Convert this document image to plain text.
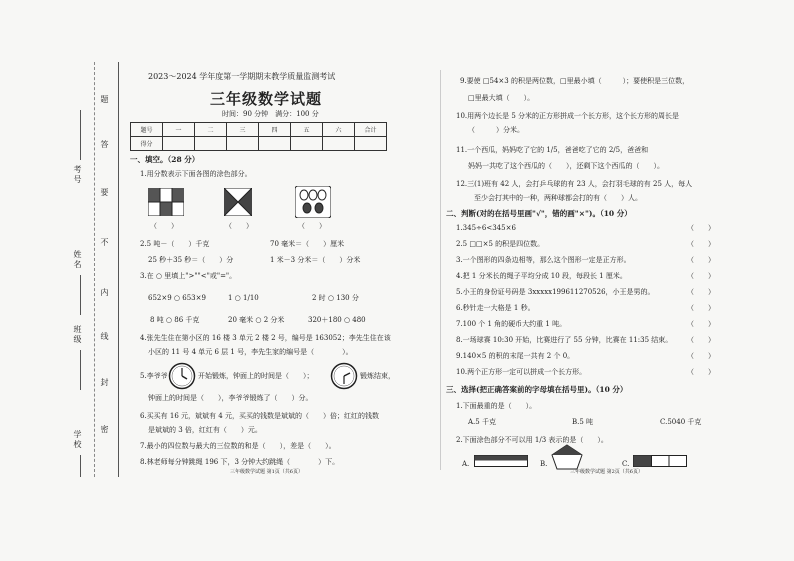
题
答
要
不
内
线
封
密
考号
姓名
班级
学校
2023～2024 学年度第一学期期末教学质量监测考试
三年级数学试题
时间：90 分钟　满分：100 分
题号	一	二	三	四	五	六	合计
得分							
一、填空。（28 分）
1.用分数表示下面各图的涂色部分。
（　　）	（　　）	（　　）
2.5 吨－（　　）千克	70 毫米＝（　　）厘米
25 秒＋35 秒＝（　　）分	1 米－3 分米＝（　　）分米
3.在 ○ 里填上">""<"或"="。
652×9 ○ 653×9	1 ○ 1/10	2 时 ○ 130 分
8 吨 ○ 86 千克	20 毫米 ○ 2 分米	320＋180 ○ 480
4.张先生住在第小区的 16 楼 3 单元 2 楼 2 号，编号是 163052；李先生住在该
小区的 11 号 4 单元 6 层 1 号，李先生家的编号是（　　　　）。
5.李爷爷	开始锻炼，钟面上的时间是（　　）；	锻炼结束，
钟面上的时间是（　　），李爷爷锻炼了（　　）分。
6.买买有 16 元，斌斌有 4 元，买买的钱数是斌斌的（　　）倍；红红的钱数
是斌斌的 3 倍，红红有（　　）元。
7.最小的四位数与最大的三位数的和是（　　），差是（　　）。
8.林老师每分钟跳绳 196 下，3 分钟大约跳绳（　　　　）下。
三年级数学试题 第1页（共6页）
9.要使 □54×3 的积是两位数，□里最小填（　　　）；要使积是三位数，
□里最大填（　　）。
10.用两个边长是 5 分米的正方形拼成一个长方形，这个长方形的周长是
（　　　）分米。
11.一个西瓜，妈妈吃了它的 1/5，爸爸吃了它的 2/5，爸爸和
妈妈一共吃了这个西瓜的（　　），还剩下这个西瓜的（　　）。
12.三(1)班有 42 人，会打乒乓球的有 23 人，会打羽毛球的有 25 人，每人
至少会打其中的一种，两种球都会打的有（　　）人。
二、判断(对的在括号里画"√"，错的画"×")。（10 分）
1.345÷6<345×6	（　　）
2.5 □□×5 的积是四位数。	（　　）
3.一个图形的四条边相等，那么这个图形一定是正方形。	（　　）
4.把 1 分米长的绳子平均分成 10 段，每段长 1 厘米。	（　　）
5.小王的身份证号码是 3xxxxx199611270526，小王是男的。	（　　）
6.秒针走一大格是 1 秒。	（　　）
7.100 个 1 角的硬币大约重 1 吨。	（　　）
8.一场球赛 10:30 开始，比赛进行了 55 分钟，比赛在 11:35 结束。 （　　）
9.140×5 的积的末尾一共有 2 个 0。	（　　）
10.两个正方形一定可以拼成一个长方形。	（　　）
三、选择(把正确答案前的字母填在括号里)。（10 分）
1.下面最重的是（　　）。
A.5 千克	B.5 吨	C.5040 千克
2.下面涂色部分不可以用 1/3 表示的是（　　）。
A.	B.	C.
三年级数学试题 第2页（共6页）
